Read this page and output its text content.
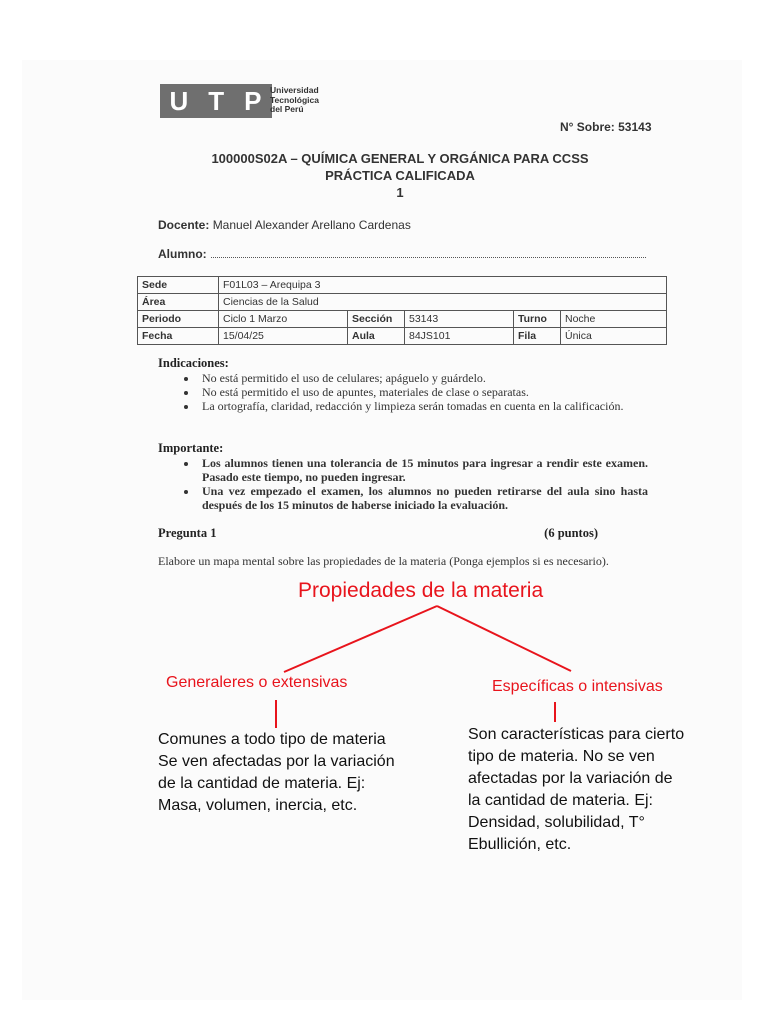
U T P Universidad
Tecnológica
del Perú
N° Sobre: 53143
100000S02A – QUÍMICA GENERAL Y ORGÁNICA PARA CCSS
PRÁCTICA CALIFICADA
1
Docente: Manuel Alexander Arellano Cardenas
Alumno:
Sede	F01L03 – Arequipa 3				
Área	Ciencias de la Salud				
Periodo	Ciclo 1 Marzo	Sección	53143	Turno	Noche
Fecha	15/04/25	Aula	84JS101	Fila	Única
Indicaciones:
• No está permitido el uso de celulares; apáguelo y guárdelo.
• No está permitido el uso de apuntes, materiales de clase o separatas.
• La ortografía, claridad, redacción y limpieza serán tomadas en cuenta en la calificación.
Importante:
• Los alumnos tienen una tolerancia de 15 minutos para ingresar a rendir este examen. Pasado este tiempo, no pueden ingresar.
• Una vez empezado el examen, los alumnos no pueden retirarse del aula sino hasta después de los 15 minutos de haberse iniciado la evaluación.
Pregunta 1	(6 puntos)
Elabore un mapa mental sobre las propiedades de la materia (Ponga ejemplos si es necesario).
Propiedades de la materia
Generaleres o extensivas	Específicas o intensivas
Comunes a todo tipo de materia
Se ven afectadas por la variación
de la cantidad de materia. Ej:
Masa, volumen, inercia, etc.
Son características para cierto
tipo de materia. No se ven
afectadas por la variación de
la cantidad de materia. Ej:
Densidad, solubilidad, T°
Ebullición, etc.
